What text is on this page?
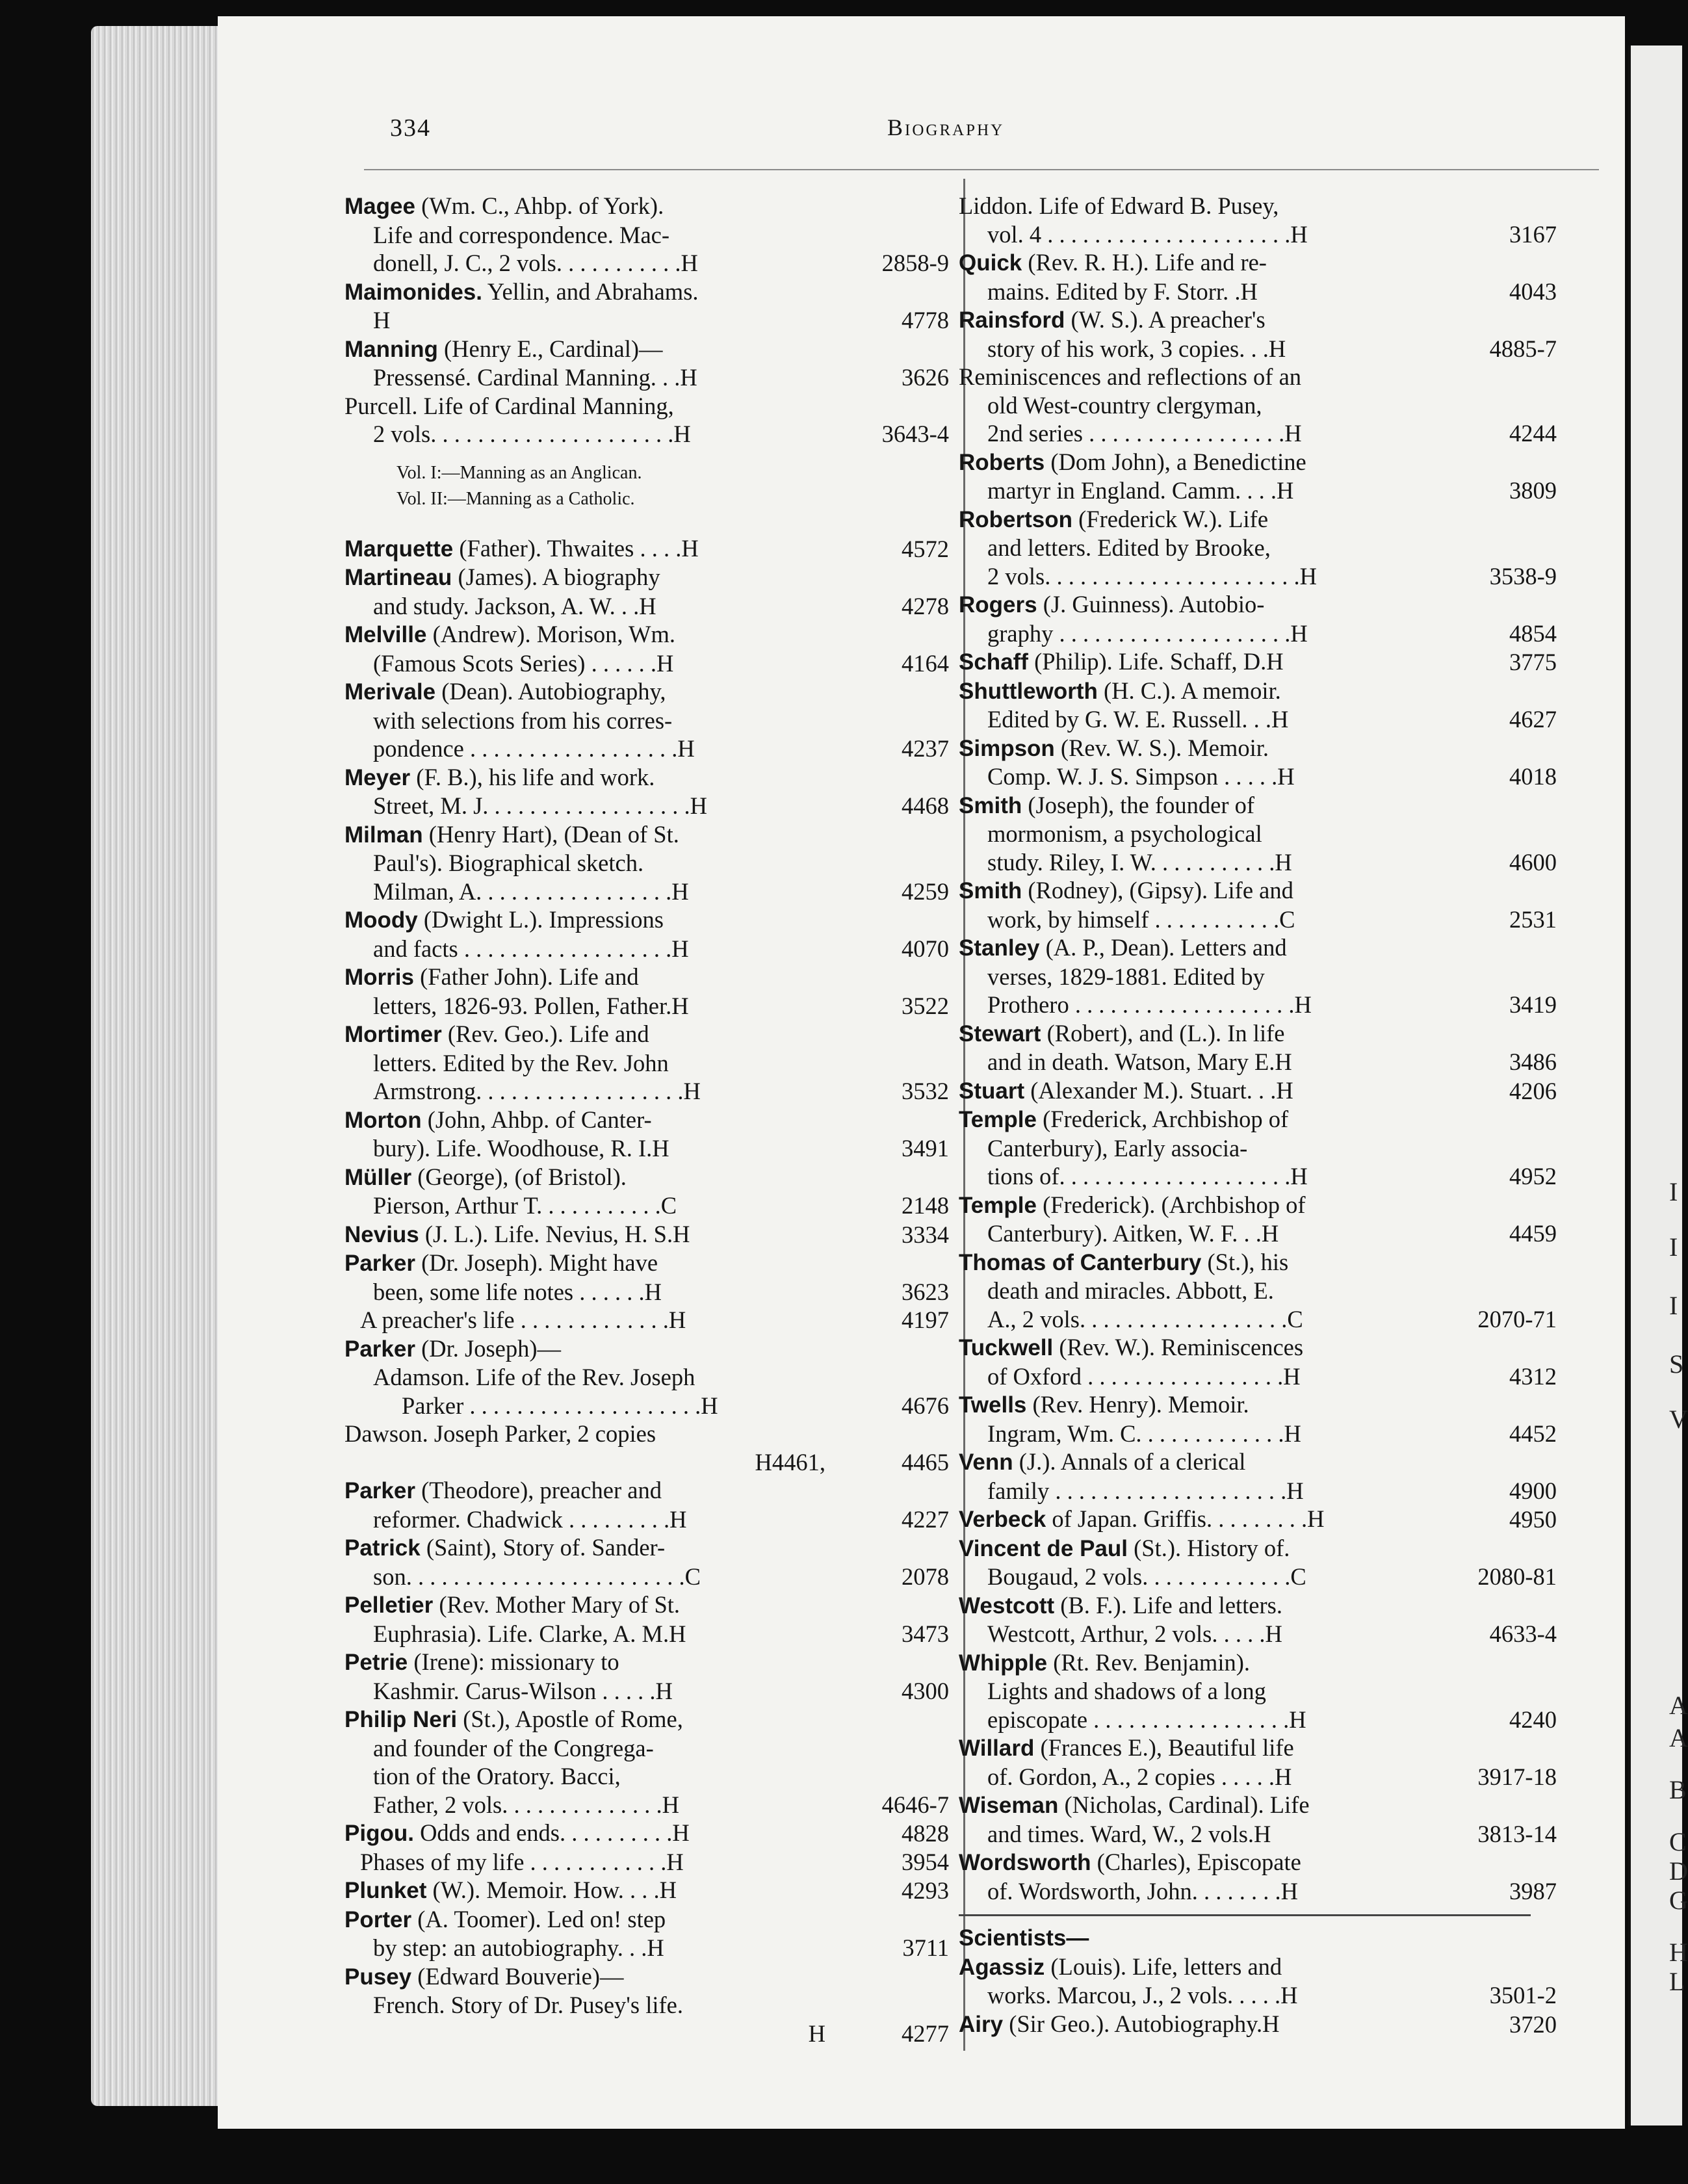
334	Biography
Magee (Wm. C., Ahbp. of York).
Life and correspondence. Mac-
donell, J. C., 2 vols. . . . . . . . . . .H	2858-9
Maimonides. Yellin, and Abrahams.
H	4778
Manning (Henry E., Cardinal)—
Pressensé. Cardinal Manning. . .H	3626
Purcell. Life of Cardinal Manning,
2 vols. . . . . . . . . . . . . . . . . . . . .H	3643-4
Vol. I:—Manning as an Anglican.
Vol. II:—Manning as a Catholic.
Marquette (Father). Thwaites . . . .H	4572
Martineau (James). A biography
and study. Jackson, A. W. . .H	4278
Melville (Andrew). Morison, Wm.
(Famous Scots Series) . . . . . .H	4164
Merivale (Dean). Autobiography,
with selections from his corres-
pondence . . . . . . . . . . . . . . . . . .H	4237
Meyer (F. B.), his life and work.
Street, M. J. . . . . . . . . . . . . . . . . .H	4468
Milman (Henry Hart), (Dean of St.
Paul's). Biographical sketch.
Milman, A. . . . . . . . . . . . . . . . .H	4259
Moody (Dwight L.). Impressions
and facts . . . . . . . . . . . . . . . . . .H	4070
Morris (Father John). Life and
letters, 1826-93. Pollen, Father.H	3522
Mortimer (Rev. Geo.). Life and
letters. Edited by the Rev. John
Armstrong. . . . . . . . . . . . . . . . . .H	3532
Morton (John, Ahbp. of Canter-
bury). Life. Woodhouse, R. I.H	3491
Müller (George), (of Bristol).
Pierson, Arthur T. . . . . . . . . . .C	2148
Nevius (J. L.). Life. Nevius, H. S.H	3334
Parker (Dr. Joseph). Might have
been, some life notes . . . . . .H	3623
A preacher's life . . . . . . . . . . . . .H	4197
Parker (Dr. Joseph)—
Adamson. Life of the Rev. Joseph
Parker . . . . . . . . . . . . . . . . . . . .H	4676
Dawson. Joseph Parker, 2 copies
H4461,	4465
Parker (Theodore), preacher and
reformer. Chadwick . . . . . . . . .H	4227
Patrick (Saint), Story of. Sander-
son. . . . . . . . . . . . . . . . . . . . . . . .C	2078
Pelletier (Rev. Mother Mary of St.
Euphrasia). Life. Clarke, A. M.H	3473
Petrie (Irene): missionary to
Kashmir. Carus-Wilson . . . . .H	4300
Philip Neri (St.), Apostle of Rome,
and founder of the Congrega-
tion of the Oratory. Bacci,
Father, 2 vols. . . . . . . . . . . . . .H	4646-7
Pigou. Odds and ends. . . . . . . . . .H	4828
Phases of my life . . . . . . . . . . . .H	3954
Plunket (W.). Memoir. How. . . .H	4293
Porter (A. Toomer). Led on! step
by step: an autobiography. . .H	3711
Pusey (Edward Bouverie)—
French. Story of Dr. Pusey's life.
H	4277
Liddon. Life of Edward B. Pusey,
vol. 4 . . . . . . . . . . . . . . . . . . . . .H	3167
Quick (Rev. R. H.). Life and re-
mains. Edited by F. Storr. .H	4043
Rainsford (W. S.). A preacher's
story of his work, 3 copies. . .H	4885-7
Reminiscences and reflections of an
old West-country clergyman,
2nd series . . . . . . . . . . . . . . . . .H	4244
Roberts (Dom John), a Benedictine
martyr in England. Camm. . . .H	3809
Robertson (Frederick W.). Life
and letters. Edited by Brooke,
2 vols. . . . . . . . . . . . . . . . . . . . . .H	3538-9
Rogers (J. Guinness). Autobio-
graphy . . . . . . . . . . . . . . . . . . . .H	4854
Schaff (Philip). Life. Schaff, D.H	3775
Shuttleworth (H. C.). A memoir.
Edited by G. W. E. Russell. . .H	4627
Simpson (Rev. W. S.). Memoir.
Comp. W. J. S. Simpson . . . . .H	4018
Smith (Joseph), the founder of
mormonism, a psychological
study. Riley, I. W. . . . . . . . . . .H	4600
Smith (Rodney), (Gipsy). Life and
work, by himself . . . . . . . . . . .C	2531
Stanley (A. P., Dean). Letters and
verses, 1829-1881. Edited by
Prothero . . . . . . . . . . . . . . . . . . .H	3419
Stewart (Robert), and (L.). In life
and in death. Watson, Mary E.H	3486
Stuart (Alexander M.). Stuart. . .H	4206
Temple (Frederick, Archbishop of
Canterbury), Early associa-
tions of. . . . . . . . . . . . . . . . . . . .H	4952
Temple (Frederick). (Archbishop of
Canterbury). Aitken, W. F. . .H	4459
Thomas of Canterbury (St.), his
death and miracles. Abbott, E.
A., 2 vols. . . . . . . . . . . . . . . . . .C	2070-71
Tuckwell (Rev. W.). Reminiscences
of Oxford . . . . . . . . . . . . . . . . .H	4312
Twells (Rev. Henry). Memoir.
Ingram, Wm. C. . . . . . . . . . . . .H	4452
Venn (J.). Annals of a clerical
family . . . . . . . . . . . . . . . . . . . .H	4900
Verbeck of Japan. Griffis. . . . . . . . .H	4950
Vincent de Paul (St.). History of.
Bougaud, 2 vols. . . . . . . . . . . . .C	2080-81
Westcott (B. F.). Life and letters.
Westcott, Arthur, 2 vols. . . . .H	4633-4
Whipple (Rt. Rev. Benjamin).
Lights and shadows of a long
episcopate . . . . . . . . . . . . . . . . .H	4240
Willard (Frances E.), Beautiful life
of. Gordon, A., 2 copies . . . . .H	3917-18
Wiseman (Nicholas, Cardinal). Life
and times. Ward, W., 2 vols.H	3813-14
Wordsworth (Charles), Episcopate
of. Wordsworth, John. . . . . . . .H	3987
Scientists—
Agassiz (Louis). Life, letters and
works. Marcou, J., 2 vols. . . . .H	3501-2
Airy (Sir Geo.). Autobiography.H	3720
I
I
I
S
V
A
A
B
C
D
G
H
L
